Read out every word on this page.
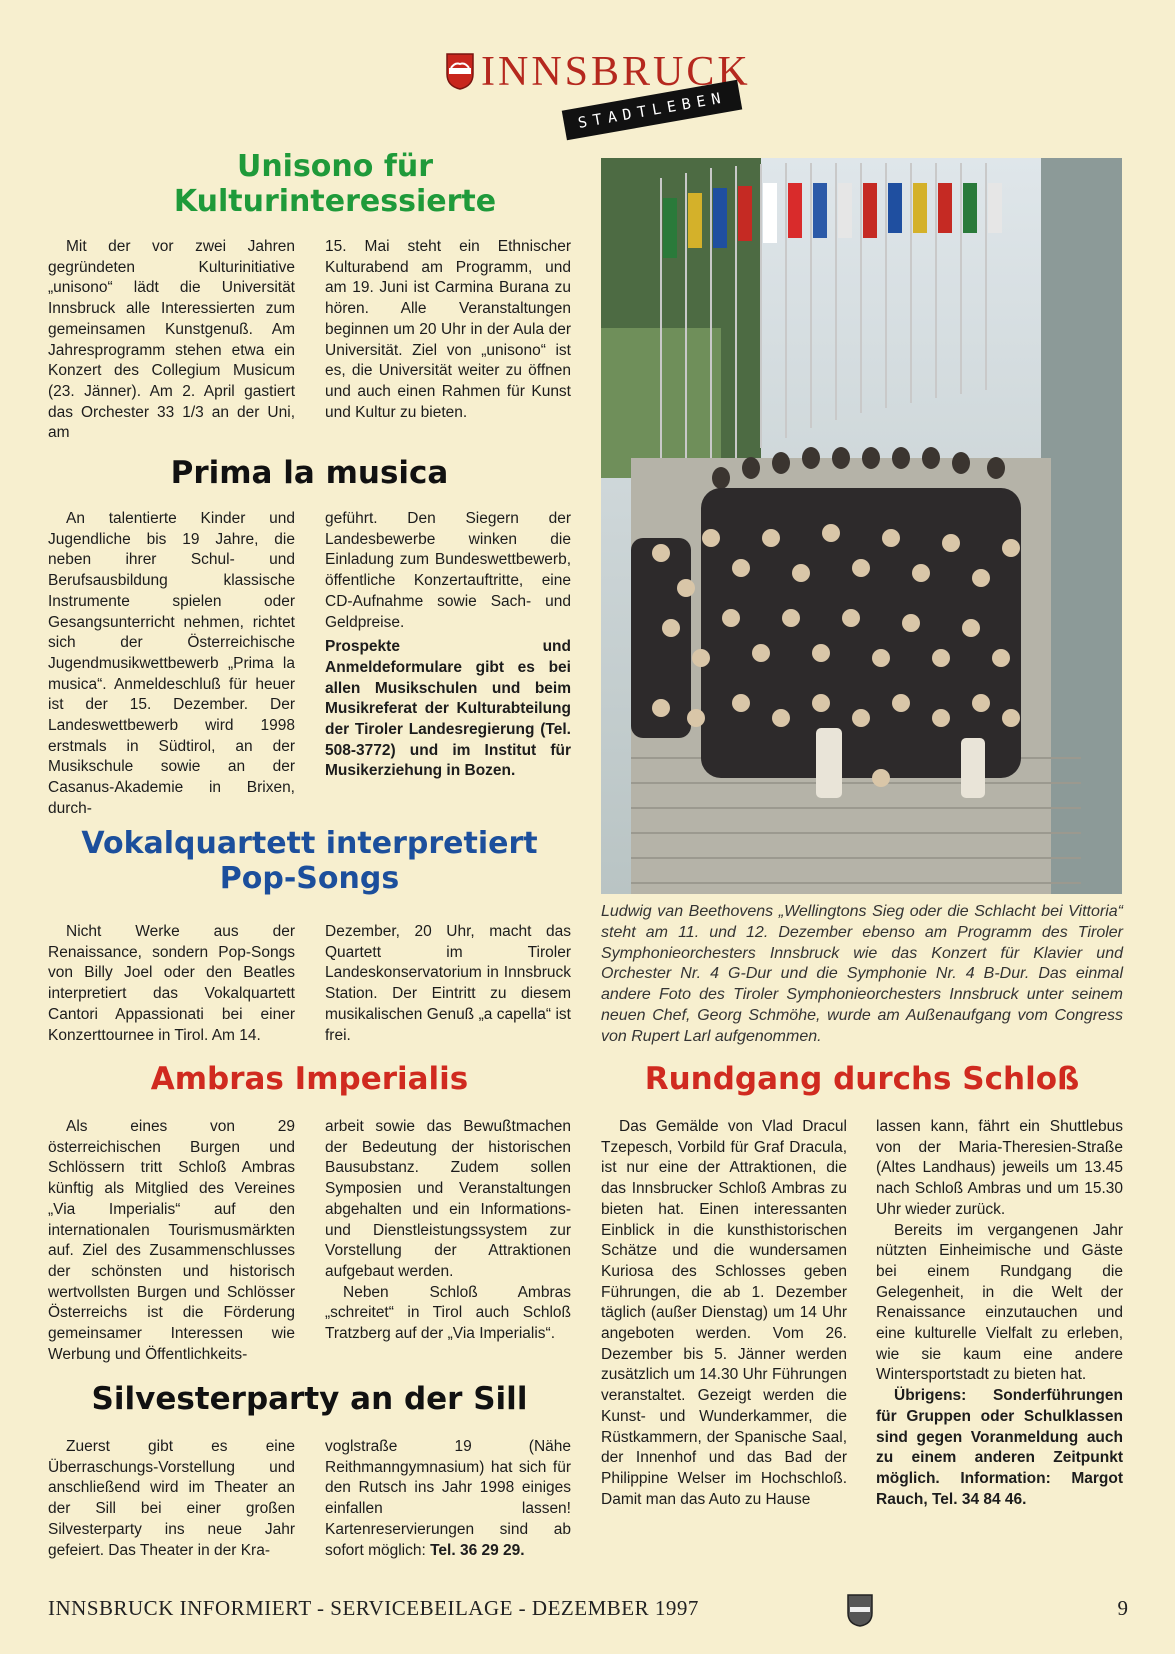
INNSBRUCK
STADTLEBEN
Unisono für Kulturinteressierte

Mit der vor zwei Jahren gegründeten Kulturinitiative „unisono“ lädt die Universität Innsbruck alle Interessierten zum gemeinsamen Kunstgenuß. Am Jahresprogramm stehen etwa ein Konzert des Collegium Musicum (23. Jänner). Am 2. April gastiert das Orchester 33 1/3 an der Uni, am

15. Mai steht ein Ethnischer Kulturabend am Programm, und am 19. Juni ist Carmina Burana zu hören. Alle Veranstaltungen beginnen um 20 Uhr in der Aula der Universität. Ziel von „unisono“ ist es, die Universität weiter zu öffnen und auch einen Rahmen für Kunst und Kultur zu bieten.

Prima la musica

An talentierte Kinder und Jugendliche bis 19 Jahre, die neben ihrer Schul- und Berufsausbildung klassische Instrumente spielen oder Gesangsunterricht nehmen, richtet sich der Österreichische Jugendmusikwettbewerb „Prima la musica“. Anmeldeschluß für heuer ist der 15. Dezember. Der Landeswettbewerb wird 1998 erstmals in Südtirol, an der Musikschule sowie an der Casanus-Akademie in Brixen, durch-

geführt. Den Siegern der Landesbewerbe winken die Einladung zum Bundeswettbewerb, öffentliche Konzertauftritte, eine CD-Aufnahme sowie Sach- und Geldpreise.

Prospekte und Anmeldeformulare gibt es bei allen Musikschulen und beim Musikreferat der Kulturabteilung der Tiroler Landesregierung (Tel. 508-3772) und im Institut für Musikerziehung in Bozen.

Vokalquartett interpretiert
Pop-Songs

Nicht Werke aus der Renaissance, sondern Pop-Songs von Billy Joel oder den Beatles interpretiert das Vokalquartett Cantori Appassionati bei einer Konzerttournee in Tirol. Am 14.

Dezember, 20 Uhr, macht das Quartett im Tiroler Landeskonservatorium in Innsbruck Station. Der Eintritt zu diesem musikalischen Genuß „a capella“ ist frei.

Ambras Imperialis

Als eines von 29 österreichischen Burgen und Schlössern tritt Schloß Ambras künftig als Mitglied des Vereines „Via Imperialis“ auf den internationalen Tourismusmärkten auf. Ziel des Zusammenschlusses der schönsten und historisch wertvollsten Burgen und Schlösser Österreichs ist die Förderung gemeinsamer Interessen wie Werbung und Öffentlichkeits-

arbeit sowie das Bewußtmachen der Bedeutung der historischen Bausubstanz. Zudem sollen Symposien und Veranstaltungen abgehalten und ein Informations- und Dienstleistungssystem zur Vorstellung der Attraktionen aufgebaut werden.

Neben Schloß Ambras „schreitet“ in Tirol auch Schloß Tratzberg auf der „Via Imperialis“.

Silvesterparty an der Sill

Zuerst gibt es eine Überraschungs-Vorstellung und anschließend wird im Theater an der Sill bei einer großen Silvesterparty ins neue Jahr gefeiert. Das Theater in der Kra-

voglstraße 19 (Nähe Reithmanngymnasium) hat sich für den Rutsch ins Jahr 1998 einiges einfallen lassen! Kartenreservierungen sind ab sofort möglich: Tel. 36 29 29.

Ludwig van Beethovens „Wellingtons Sieg oder die Schlacht bei Vittoria“ steht am 11. und 12. Dezember ebenso am Programm des Tiroler Symphonieorchesters Innsbruck wie das Konzert für Klavier und Orchester Nr. 4 G-Dur und die Symphonie Nr. 4 B-Dur. Das einmal andere Foto des Tiroler Symphonieorchesters Innsbruck unter seinem neuen Chef, Georg Schmöhe, wurde am Außenaufgang vom Congress von Rupert Larl aufgenommen.
Rundgang durchs Schloß

Das Gemälde von Vlad Dracul Tzepesch, Vorbild für Graf Dracula, ist nur eine der Attraktionen, die das Innsbrucker Schloß Ambras zu bieten hat. Einen interessanten Einblick in die kunsthistorischen Schätze und die wundersamen Kuriosa des Schlosses geben Führungen, die ab 1. Dezember täglich (außer Dienstag) um 14 Uhr angeboten werden. Vom 26. Dezember bis 5. Jänner werden zusätzlich um 14.30 Uhr Führungen veranstaltet. Gezeigt werden die Kunst- und Wunderkammer, die Rüstkammern, der Spanische Saal, der Innenhof und das Bad der Philippine Welser im Hochschloß. Damit man das Auto zu Hause

lassen kann, fährt ein Shuttlebus von der Maria-Theresien-Straße (Altes Landhaus) jeweils um 13.45 nach Schloß Ambras und um 15.30 Uhr wieder zurück.

Bereits im vergangenen Jahr nützten Einheimische und Gäste bei einem Rundgang die Gelegenheit, in die Welt der Renaissance einzutauchen und eine kulturelle Vielfalt zu erleben, wie sie kaum eine andere Wintersportstadt zu bieten hat.

Übrigens: Sonderführungen für Gruppen oder Schulklassen sind gegen Voranmeldung auch zu einem anderen Zeitpunkt möglich. Information: Margot Rauch, Tel. 34 84 46.

INNSBRUCK INFORMIERT - SERVICEBEILAGE - DEZEMBER 1997	9
